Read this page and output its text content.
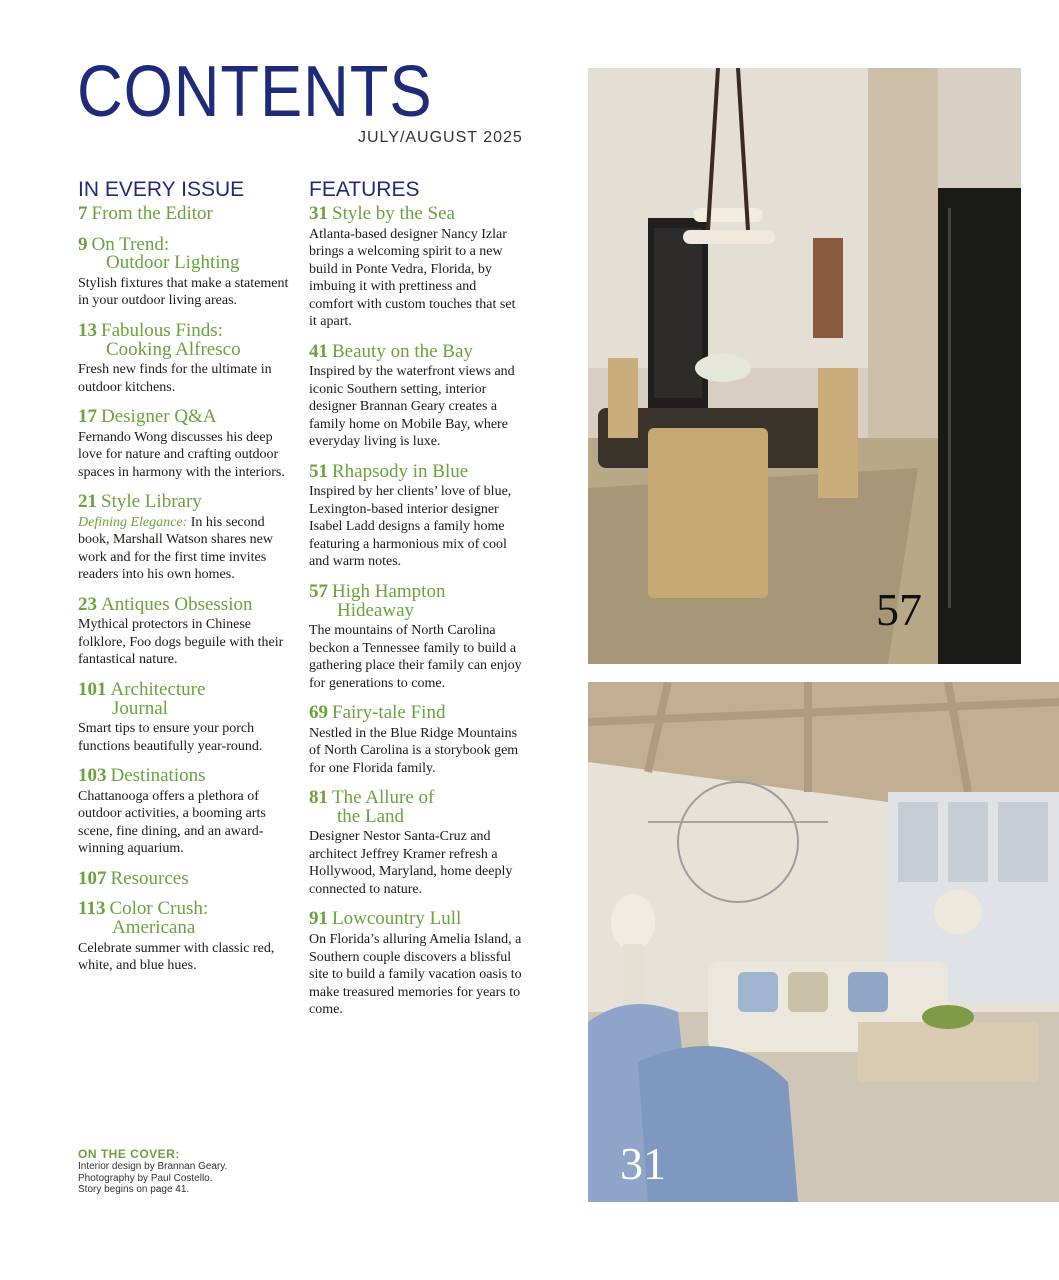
CONTENTS
JULY/AUGUST 2025
IN EVERY ISSUE
7 From the Editor
9 On Trend:
Outdoor Lighting
Stylish fixtures that make a statement in your outdoor living areas.
13 Fabulous Finds:
Cooking Alfresco
Fresh new finds for the ultimate in outdoor kitchens.
17 Designer Q&A
Fernando Wong discusses his deep love for nature and crafting outdoor spaces in harmony with the interiors.
21 Style Library
Defining Elegance: In his second book, Marshall Watson shares new work and for the first time invites readers into his own homes.
23 Antiques Obsession
Mythical protectors in Chinese folklore, Foo dogs beguile with their fantastical nature.
101 Architecture
Journal
Smart tips to ensure your porch functions beautifully year-round.
103 Destinations
Chattanooga offers a plethora of outdoor activities, a booming arts scene, fine dining, and an award-winning aquarium.
107 Resources
113 Color Crush:
Americana
Celebrate summer with classic red, white, and blue hues.
FEATURES
31 Style by the Sea
Atlanta-based designer Nancy Izlar brings a welcoming spirit to a new build in Ponte Vedra, Florida, by imbuing it with prettiness and comfort with custom touches that set it apart.
41 Beauty on the Bay
Inspired by the waterfront views and iconic Southern setting, interior designer Brannan Geary creates a family home on Mobile Bay, where everyday living is luxe.
51 Rhapsody in Blue
Inspired by her clients’ love of blue, Lexington-based interior designer Isabel Ladd designs a family home featuring a harmonious mix of cool and warm notes.
57 High Hampton
Hideaway
The mountains of North Carolina beckon a Tennessee family to build a gathering place their family can enjoy for generations to come.
69 Fairy-tale Find
Nestled in the Blue Ridge Mountains of North Carolina is a storybook gem for one Florida family.
81 The Allure of
the Land
Designer Nestor Santa-Cruz and architect Jeffrey Kramer refresh a Hollywood, Maryland, home deeply connected to nature.
91 Lowcountry Lull
On Florida’s alluring Amelia Island, a Southern couple discovers a blissful site to build a family vacation oasis to make treasured memories for years to come.
ON THE COVER:
Interior design by Brannan Geary.
Photography by Paul Costello.
Story begins on page 41.
57
31
